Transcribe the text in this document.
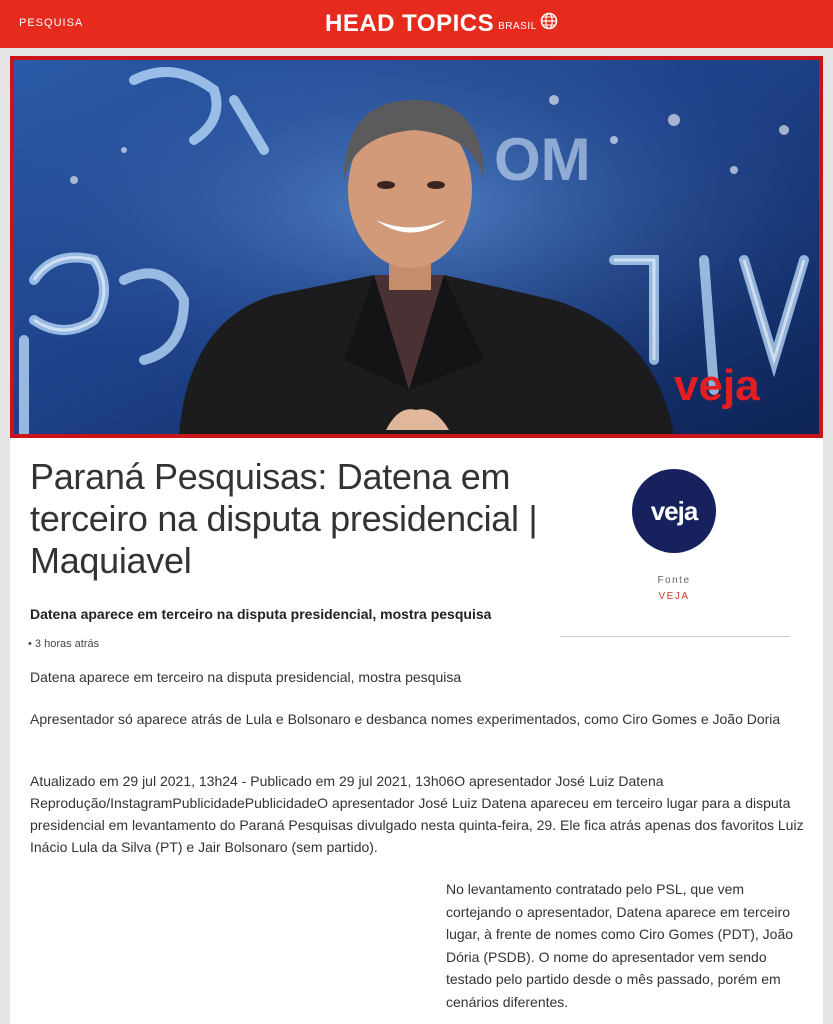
PESQUISA	HEAD TOPICS BRASIL
OM
veja
Paraná Pesquisas: Datena em terceiro na disputa presidencial | Maquiavel
veja
Fonte
VEJA
Datena aparece em terceiro na disputa presidencial, mostra pesquisa
• 3 horas atrás

Datena aparece em terceiro na disputa presidencial, mostra pesquisa

Apresentador só aparece atrás de Lula e Bolsonaro e desbanca nomes experimentados, como Ciro Gomes e João Doria

Atualizado em 29 jul 2021, 13h24 - Publicado em 29 jul 2021, 13h06O apresentador José Luiz Datena Reprodução/InstagramPublicidadePublicidadeO apresentador José Luiz Datena apareceu em terceiro lugar para a disputa presidencial em levantamento do Paraná Pesquisas divulgado nesta quinta-feira, 29. Ele fica atrás apenas dos favoritos Luiz Inácio Lula da Silva (PT) e Jair Bolsonaro (sem partido).

No levantamento contratado pelo PSL, que vem cortejando o apresentador, Datena aparece em terceiro lugar, à frente de nomes como Ciro Gomes (PDT), João Dória (PSDB). O nome do apresentador vem sendo testado pelo partido desde o mês passado, porém em cenários diferentes.
